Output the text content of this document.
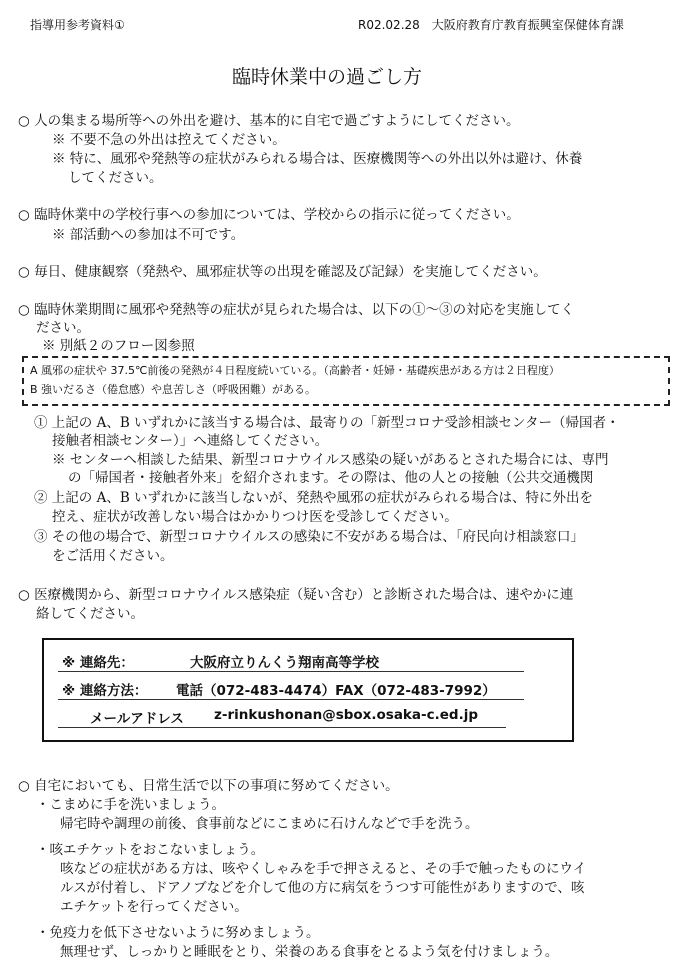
指導用参考資料①	R02.02.28　大阪府教育庁教育振興室保健体育課
臨時休業中の過ごし方
○ 人の集まる場所等への外出を避け、基本的に自宅で過ごすようにしてください。
※ 不要不急の外出は控えてください。
※ 特に、風邪や発熱等の症状がみられる場合は、医療機関等への外出以外は避け、休養
してください。
○ 臨時休業中の学校行事への参加については、学校からの指示に従ってください。
※ 部活動への参加は不可です。
○ 毎日、健康観察（発熱や、風邪症状等の出現を確認及び記録）を実施してください。
○ 臨時休業期間に風邪や発熱等の症状が見られた場合は、以下の①～③の対応を実施してく
ださい。
※ 別紙２のフロー図参照
A 風邪の症状や 37.5℃前後の発熱が４日程度続いている。（高齢者・妊婦・基礎疾患がある方は２日程度）
B 強いだるさ（倦怠感）や息苦しさ（呼吸困難）がある。
① 上記の A、B いずれかに該当する場合は、最寄りの「新型コロナ受診相談センター（帰国者・
接触者相談センター）」へ連絡してください。
※ センターへ相談した結果、新型コロナウイルス感染の疑いがあるとされた場合には、専門
の「帰国者・接触者外来」を紹介されます。その際は、他の人との接触（公共交通機関
② 上記の A、B いずれかに該当しないが、発熱や風邪の症状がみられる場合は、特に外出を
控え、症状が改善しない場合はかかりつけ医を受診してください。
③ その他の場合で、新型コロナウイルスの感染に不安がある場合は、「府民向け相談窓口」
をご活用ください。
○ 医療機関から、新型コロナウイルス感染症（疑い含む）と診断された場合は、速やかに連
絡してください。
※ 連絡先：	大阪府立りんくう翔南高等学校
※ 連絡方法： 電話（072-483-4474）FAX（072-483-7992）
メールアドレス z-rinkushonan@sbox.osaka-c.ed.jp
○ 自宅においても、日常生活で以下の事項に努めてください。
・こまめに手を洗いましょう。
帰宅時や調理の前後、食事前などにこまめに石けんなどで手を洗う。
・咳エチケットをおこないましょう。
咳などの症状がある方は、咳やくしゃみを手で押さえると、その手で触ったものにウイ
ルスが付着し、ドアノブなどを介して他の方に病気をうつす可能性がありますので、咳
エチケットを行ってください。
・免疫力を低下させないように努めましょう。
無理せず、しっかりと睡眠をとり、栄養のある食事をとるよう気を付けましょう。
